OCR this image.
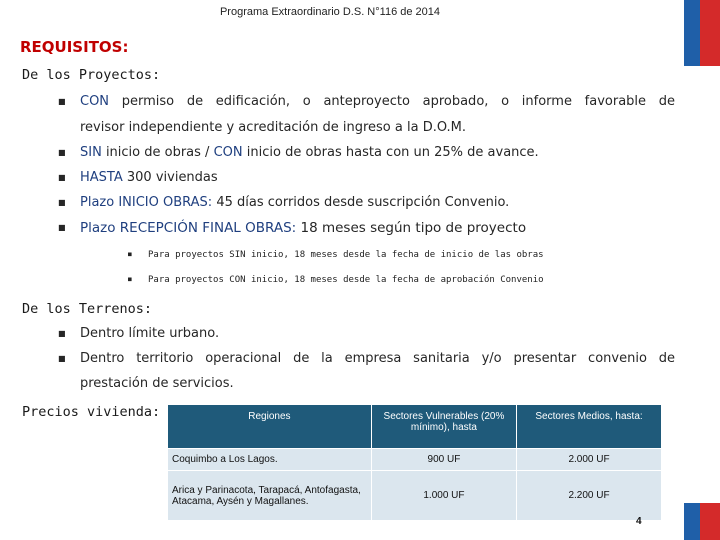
Programa Extraordinario D.S. N°116 de 2014
REQUISITOS:
De los Proyectos:
■ CON permiso de edificación, o anteproyecto aprobado, o informe favorable de
revisor independiente y acreditación de ingreso a la D.O.M.
■ SIN inicio de obras / CON inicio de obras hasta con un 25% de avance.
■ HASTA 300 viviendas
■ Plazo INICIO OBRAS: 45 días corridos desde suscripción Convenio.
■ Plazo RECEPCIÓN FINAL OBRAS: 18 meses según tipo de proyecto
■ Para proyectos SIN inicio, 18 meses desde la fecha de inicio de las obras
■ Para proyectos CON inicio, 18 meses desde la fecha de aprobación Convenio
De los Terrenos:
■ Dentro límite urbano.
■ Dentro territorio operacional de la empresa sanitaria y/o presentar convenio de
prestación de servicios.
Precios vivienda:	Regiones	Sectores Vulnerables (20% mínimo), hasta	Sectores Medios, hasta:
Coquimbo a Los Lagos.	900 UF	2.000 UF
Arica y Parinacota, Tarapacá, Antofagasta, Atacama, Aysén y Magallanes.	1.000 UF	2.200 UF
4
